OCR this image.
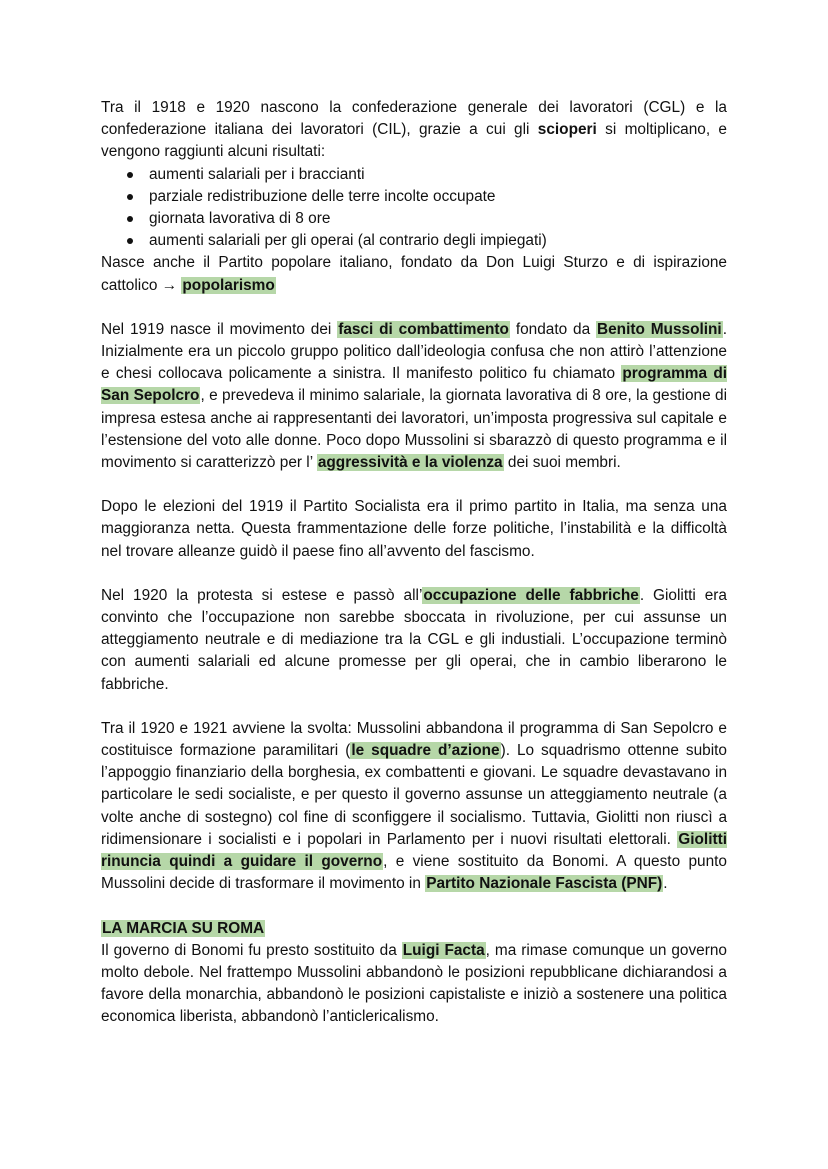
Tra il 1918 e 1920 nascono la confederazione generale dei lavoratori (CGL) e la confederazione italiana dei lavoratori (CIL), grazie a cui gli scioperi si moltiplicano, e vengono raggiunti alcuni risultati:

aumenti salariali per i braccianti
parziale redistribuzione delle terre incolte occupate
giornata lavorativa di 8 ore
aumenti salariali per gli operai (al contrario degli impiegati)

Nasce anche il Partito popolare italiano, fondato da Don Luigi Sturzo e di ispirazione cattolico → popolarismo

Nel 1919 nasce il movimento dei fasci di combattimento fondato da Benito Mussolini. Inizialmente era un piccolo gruppo politico dall’ideologia confusa che non attirò l’attenzione e chesi collocava policamente a sinistra. Il manifesto politico fu chiamato programma di San Sepolcro, e prevedeva il minimo salariale, la giornata lavorativa di 8 ore, la gestione di impresa estesa anche ai rappresentanti dei lavoratori, un’imposta progressiva sul capitale e l’estensione del voto alle donne. Poco dopo Mussolini si sbarazzò di questo programma e il movimento si caratterizzò per l’ aggressività e la violenza dei suoi membri.

Dopo le elezioni del 1919 il Partito Socialista era il primo partito in Italia, ma senza una maggioranza netta. Questa frammentazione delle forze politiche, l’instabilità e la difficoltà nel trovare alleanze guidò il paese fino all’avvento del fascismo.

Nel 1920 la protesta si estese e passò all’occupazione delle fabbriche. Giolitti era convinto che l’occupazione non sarebbe sboccata in rivoluzione, per cui assunse un atteggiamento neutrale e di mediazione tra la CGL e gli industiali. L’occupazione terminò con aumenti salariali ed alcune promesse per gli operai, che in cambio liberarono le fabbriche.

Tra il 1920 e 1921 avviene la svolta: Mussolini abbandona il programma di San Sepolcro e costituisce formazione paramilitari (le squadre d’azione). Lo squadrismo ottenne subito l’appoggio finanziario della borghesia, ex combattenti e giovani. Le squadre devastavano in particolare le sedi socialiste, e per questo il governo assunse un atteggiamento neutrale (a volte anche di sostegno) col fine di sconfiggere il socialismo. Tuttavia, Giolitti non riuscì a ridimensionare i socialisti e i popolari in Parlamento per i nuovi risultati elettorali. Giolitti rinuncia quindi a guidare il governo, e viene sostituito da Bonomi. A questo punto Mussolini decide di trasformare il movimento in Partito Nazionale Fascista (PNF).

LA MARCIA SU ROMA

Il governo di Bonomi fu presto sostituito da Luigi Facta, ma rimase comunque un governo molto debole. Nel frattempo Mussolini abbandonò le posizioni repubblicane dichiarandosi a favore della monarchia, abbandonò le posizioni capistaliste e iniziò a sostenere una politica economica liberista, abbandonò l’anticlericalismo.
